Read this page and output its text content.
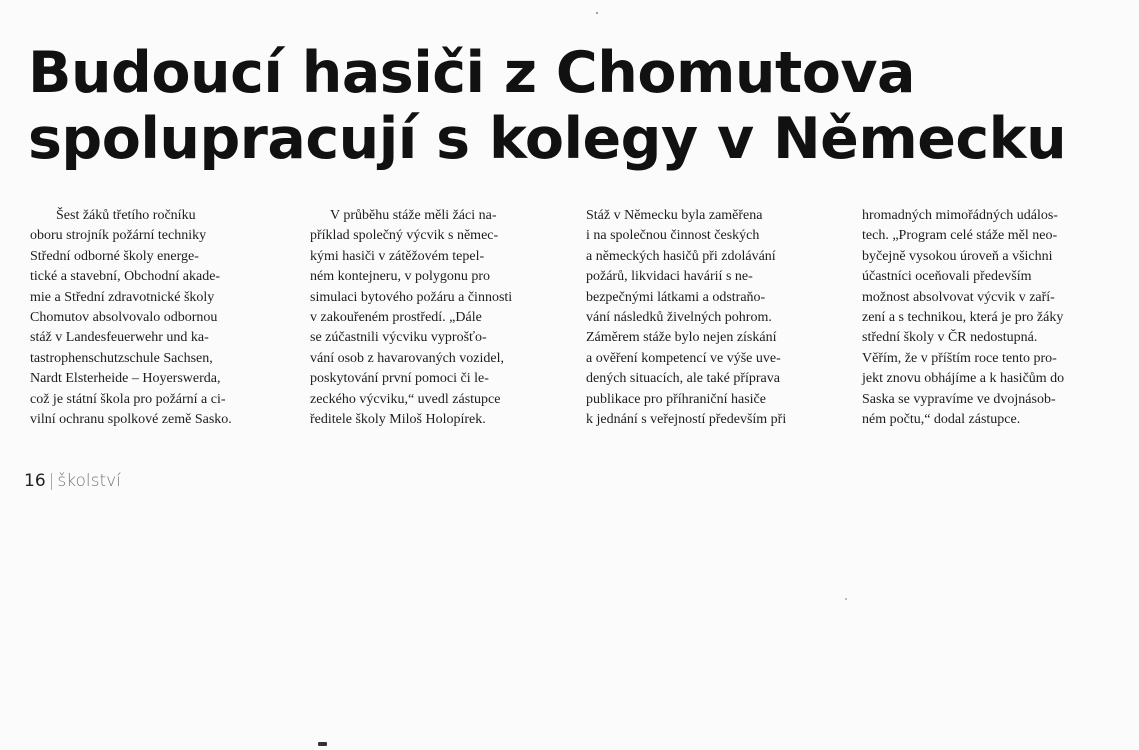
Budoucí hasiči z Chomutova
spolupracují s kolegy v Německu
Šest žáků třetího ročníku
oboru strojník požární techniky
Střední odborné školy energe-
tické a stavební, Obchodní akade-
mie a Střední zdravotnické školy
Chomutov absolvovalo odbornou
stáž v Landesfeuerwehr und ka-
tastrophenschutzschule Sachsen,
Nardt Elsterheide – Hoyerswerda,
což je státní škola pro požární a ci-
vilní ochranu spolkové země Sasko.
V průběhu stáže měli žáci na-
příklad společný výcvik s němec-
kými hasiči v zátěžovém tepel-
ném kontejneru, v polygonu pro
simulaci bytového požáru a činnosti
v zakouřeném prostředí. „Dále
se zúčastnili výcviku vyprošťo-
vání osob z havarovaných vozidel,
poskytování první pomoci či le-
zeckého výcviku,“ uvedl zástupce
ředitele školy Miloš Holopírek.
Stáž v Německu byla zaměřena
i na společnou činnost českých
a německých hasičů při zdolávání
požárů, likvidaci havárií s ne-
bezpečnými látkami a odstraňo-
vání následků živelných pohrom.
Záměrem stáže bylo nejen získání
a ověření kompetencí ve výše uve-
dených situacích, ale také příprava
publikace pro příhraniční hasiče
k jednání s veřejností především při
hromadných mimořádných událos-
tech. „Program celé stáže měl neo-
byčejně vysokou úroveň a všichni
účastníci oceňovali především
možnost absolvovat výcvik v zaří-
zení a s technikou, která je pro žáky
střední školy v ČR nedostupná.
Věřím, že v příštím roce tento pro-
jekt znovu obhájíme a k hasičům do
Saska se vypravíme ve dvojnásob-
ném počtu,“ dodal zástupce.
16 | školství
